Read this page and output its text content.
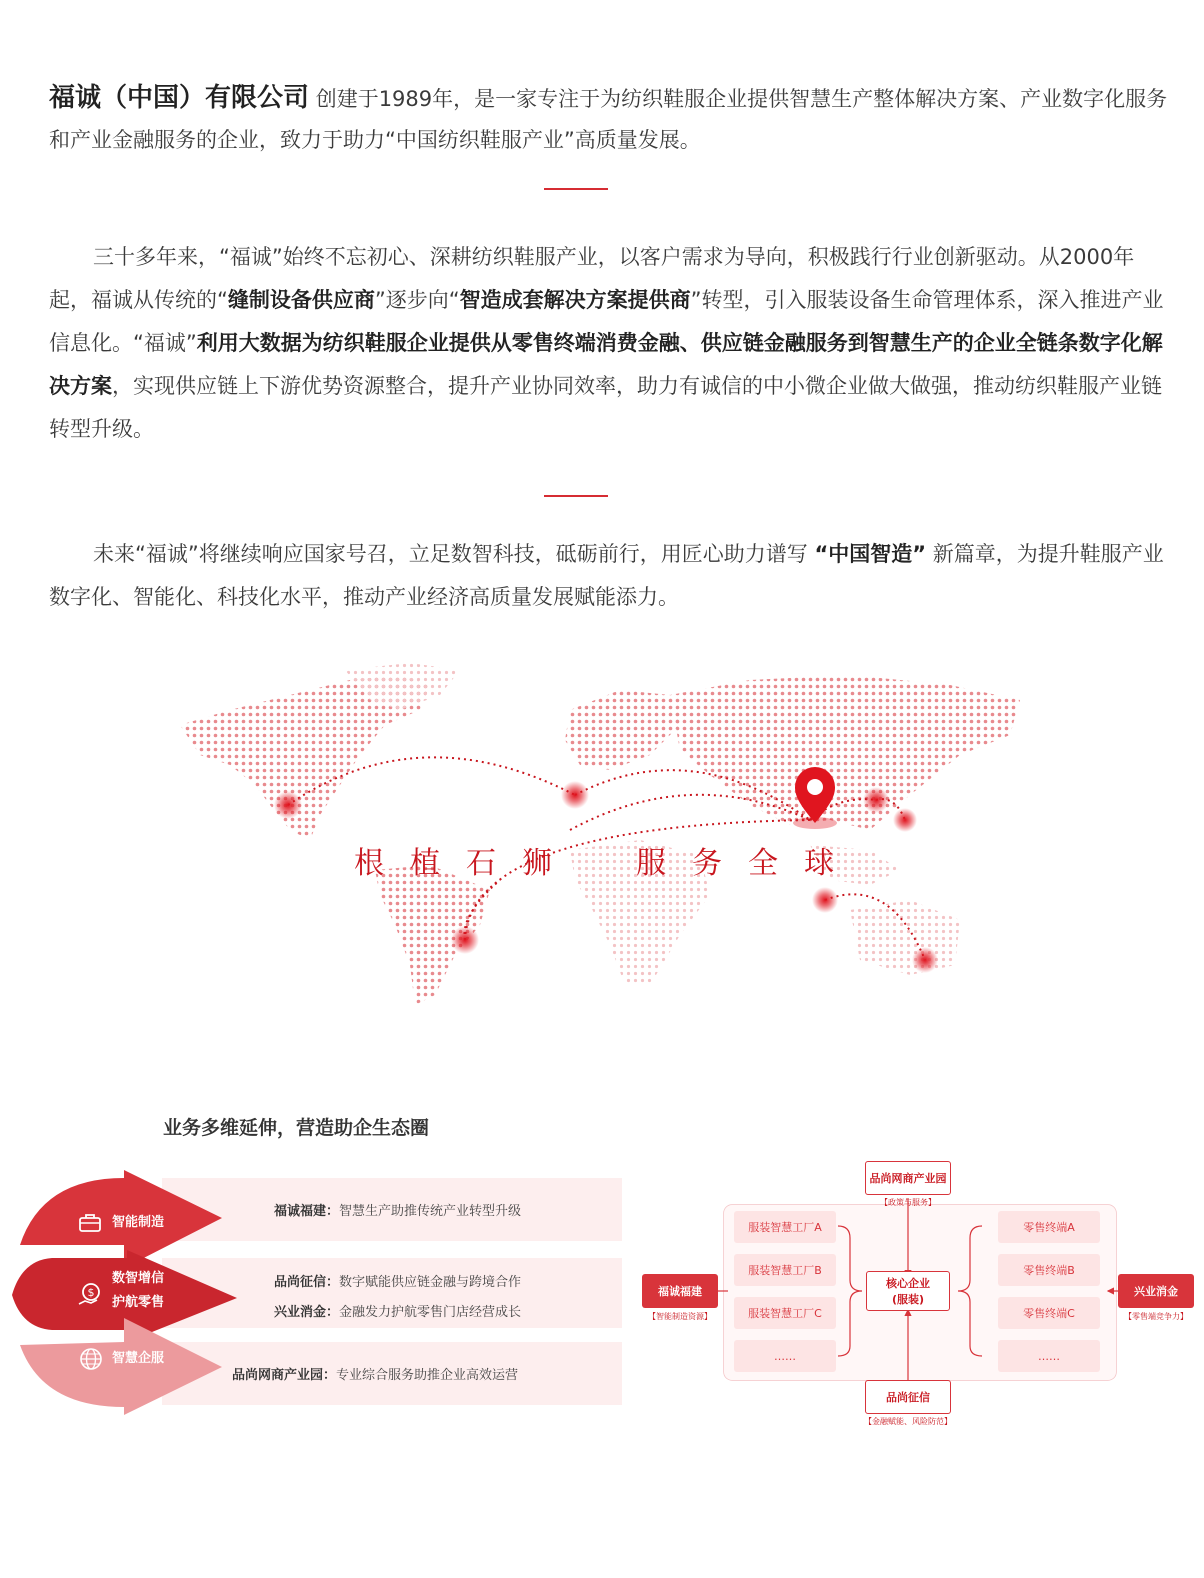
福诚（中国）有限公司 创建于1989年，是一家专注于为纺织鞋服企业提供智慧生产整体解决方案、产业数字化服务和产业金融服务的企业，致力于助力“中国纺织鞋服产业”高质量发展。
三十多年来，“福诚”始终不忘初心、深耕纺织鞋服产业，以客户需求为导向，积极践行行业创新驱动。从2000年起，福诚从传统的“缝制设备供应商”逐步向“智造成套解决方案提供商”转型，引入服装设备生命管理体系，深入推进产业信息化。“福诚”利用大数据为纺织鞋服企业提供从零售终端消费金融、供应链金融服务到智慧生产的企业全链条数字化解决方案，实现供应链上下游优势资源整合，提升产业协同效率，助力有诚信的中小微企业做大做强，推动纺织鞋服产业链转型升级。
未来“福诚”将继续响应国家号召，立足数智科技，砥砺前行，用匠心助力谱写 “中国智造” 新篇章，为提升鞋服产业数字化、智能化、科技化水平，推动产业经济高质量发展赋能添力。
根植石狮 服务全球
业务多维延伸，营造助企生态圈
智能制造
$
数智增信
护航零售
智慧企服
福诚福建：智慧生产助推传统产业转型升级
品尚征信：数字赋能供应链金融与跨境合作
兴业消金：金融发力护航零售门店经营成长
品尚网商产业园：专业综合服务助推企业高效运营
品尚网商产业园
【政策与服务】
品尚征信
【金融赋能、风险防范】
福诚福建
【智能制造资源】
兴业消金
【零售端竞争力】
核心企业
(服装)
服装智慧工厂A
服装智慧工厂B
服装智慧工厂C
……
零售终端A
零售终端B
零售终端C
……
